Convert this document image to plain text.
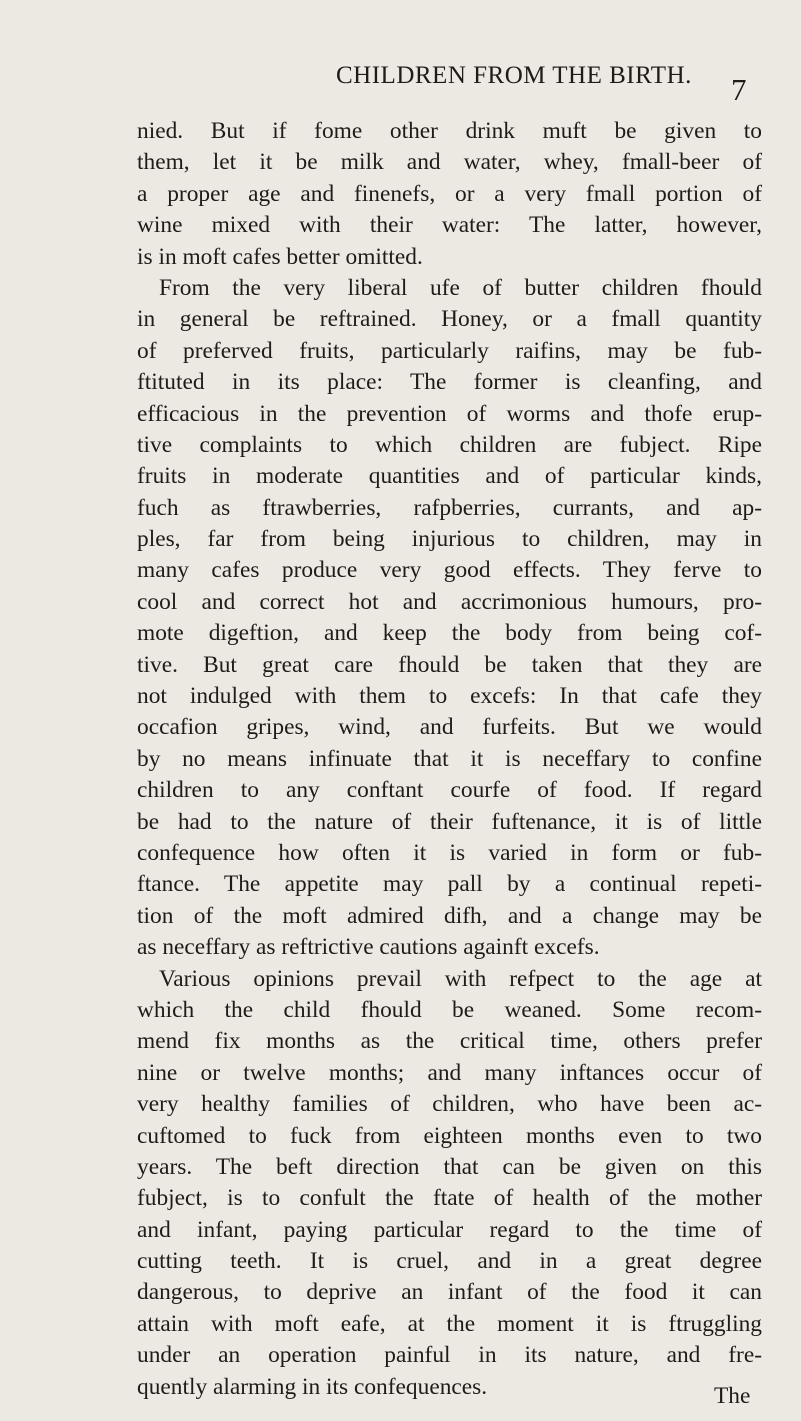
CHILDREN FROM THE BIRTH. 7
nied. But if fome other drink muft be given to
them, let it be milk and water, whey, fmall-beer of
a proper age and finenefs, or a very fmall portion of
wine mixed with their water: The latter, however,
is in moft cafes better omitted.
From the very liberal ufe of butter children fhould
in general be reftrained. Honey, or a fmall quantity
of preferved fruits, particularly raifins, may be fub-
ftituted in its place: The former is cleanfing, and
efficacious in the prevention of worms and thofe erup-
tive complaints to which children are fubject. Ripe
fruits in moderate quantities and of particular kinds,
fuch as ftrawberries, rafpberries, currants, and ap-
ples, far from being injurious to children, may in
many cafes produce very good effects. They ferve to
cool and correct hot and accrimonious humours, pro-
mote digeftion, and keep the body from being cof-
tive. But great care fhould be taken that they are
not indulged with them to excefs: In that cafe they
occafion gripes, wind, and furfeits. But we would
by no means infinuate that it is neceffary to confine
children to any conftant courfe of food. If regard
be had to the nature of their fuftenance, it is of little
confequence how often it is varied in form or fub-
ftance. The appetite may pall by a continual repeti-
tion of the moft admired difh, and a change may be
as neceffary as reftrictive cautions againft excefs.
Various opinions prevail with refpect to the age at
which the child fhould be weaned. Some recom-
mend fix months as the critical time, others prefer
nine or twelve months; and many inftances occur of
very healthy families of children, who have been ac-
cuftomed to fuck from eighteen months even to two
years. The beft direction that can be given on this
fubject, is to confult the ftate of health of the mother
and infant, paying particular regard to the time of
cutting teeth. It is cruel, and in a great degree
dangerous, to deprive an infant of the food it can
attain with moft eafe, at the moment it is ftruggling
under an operation painful in its nature, and fre-
quently alarming in its confequences.	The
